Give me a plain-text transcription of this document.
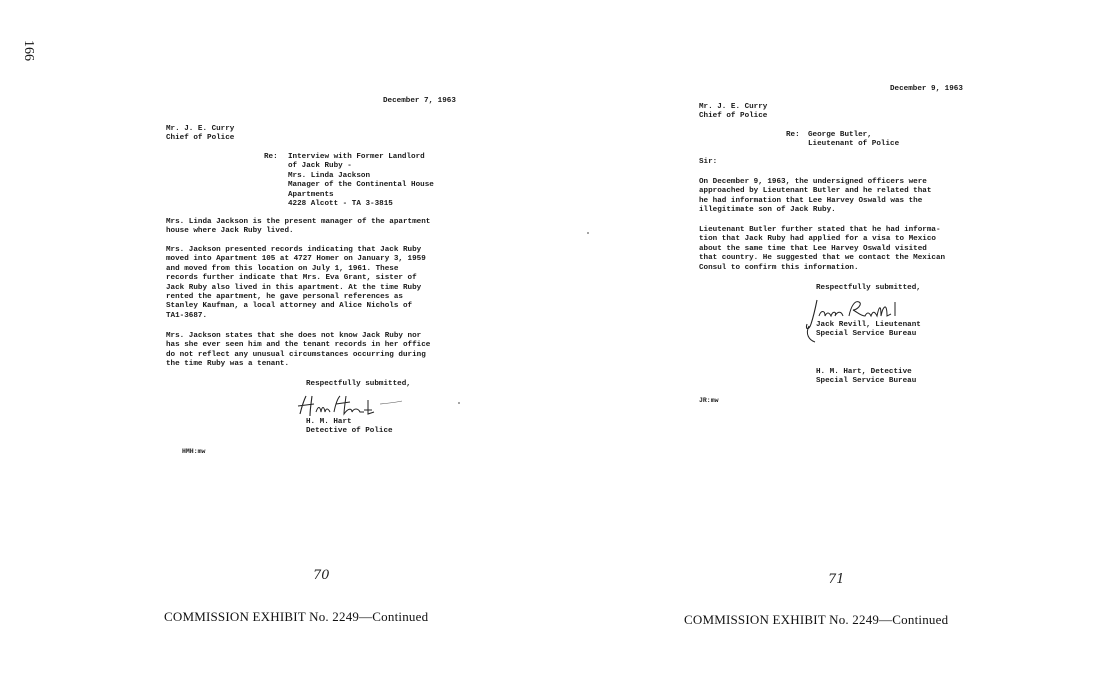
166
December 7, 1963
Mr. J. E. Curry
Chief of Police
Re: Interview with Former Landlord
of Jack Ruby -
Mrs. Linda Jackson
Manager of the Continental House
Apartments
4228 Alcott - TA 3-3815
Mrs. Linda Jackson is the present manager of the apartment
house where Jack Ruby lived.
Mrs. Jackson presented records indicating that Jack Ruby
moved into Apartment 105 at 4727 Homer on January 3, 1959
and moved from this location on July 1, 1961. These
records further indicate that Mrs. Eva Grant, sister of
Jack Ruby also lived in this apartment. At the time Ruby
rented the apartment, he gave personal references as
Stanley Kaufman, a local attorney and Alice Nichols of
TA1-3687.
Mrs. Jackson states that she does not know Jack Ruby nor
has she ever seen him and the tenant records in her office
do not reflect any unusual circumstances occurring during
the time Ruby was a tenant.
Respectfully submitted,
H. M. Hart
Detective of Police
HMH:mw
70
December 9, 1963
Mr. J. E. Curry
Chief of Police
Re: George Butler,
Lieutenant of Police
Sir:
On December 9, 1963, the undersigned officers were
approached by Lieutenant Butler and he related that
he had information that Lee Harvey Oswald was the
illegitimate son of Jack Ruby.
Lieutenant Butler further stated that he had informa-
tion that Jack Ruby had applied for a visa to Mexico
about the same time that Lee Harvey Oswald visited
that country. He suggested that we contact the Mexican
Consul to confirm this information.
Respectfully submitted,
Jack Revill, Lieutenant
Special Service Bureau
H. M. Hart, Detective
Special Service Bureau
JR:mw
71
COMMISSION EXHIBIT No. 2249—Continued	COMMISSION EXHIBIT No. 2249—Continued
